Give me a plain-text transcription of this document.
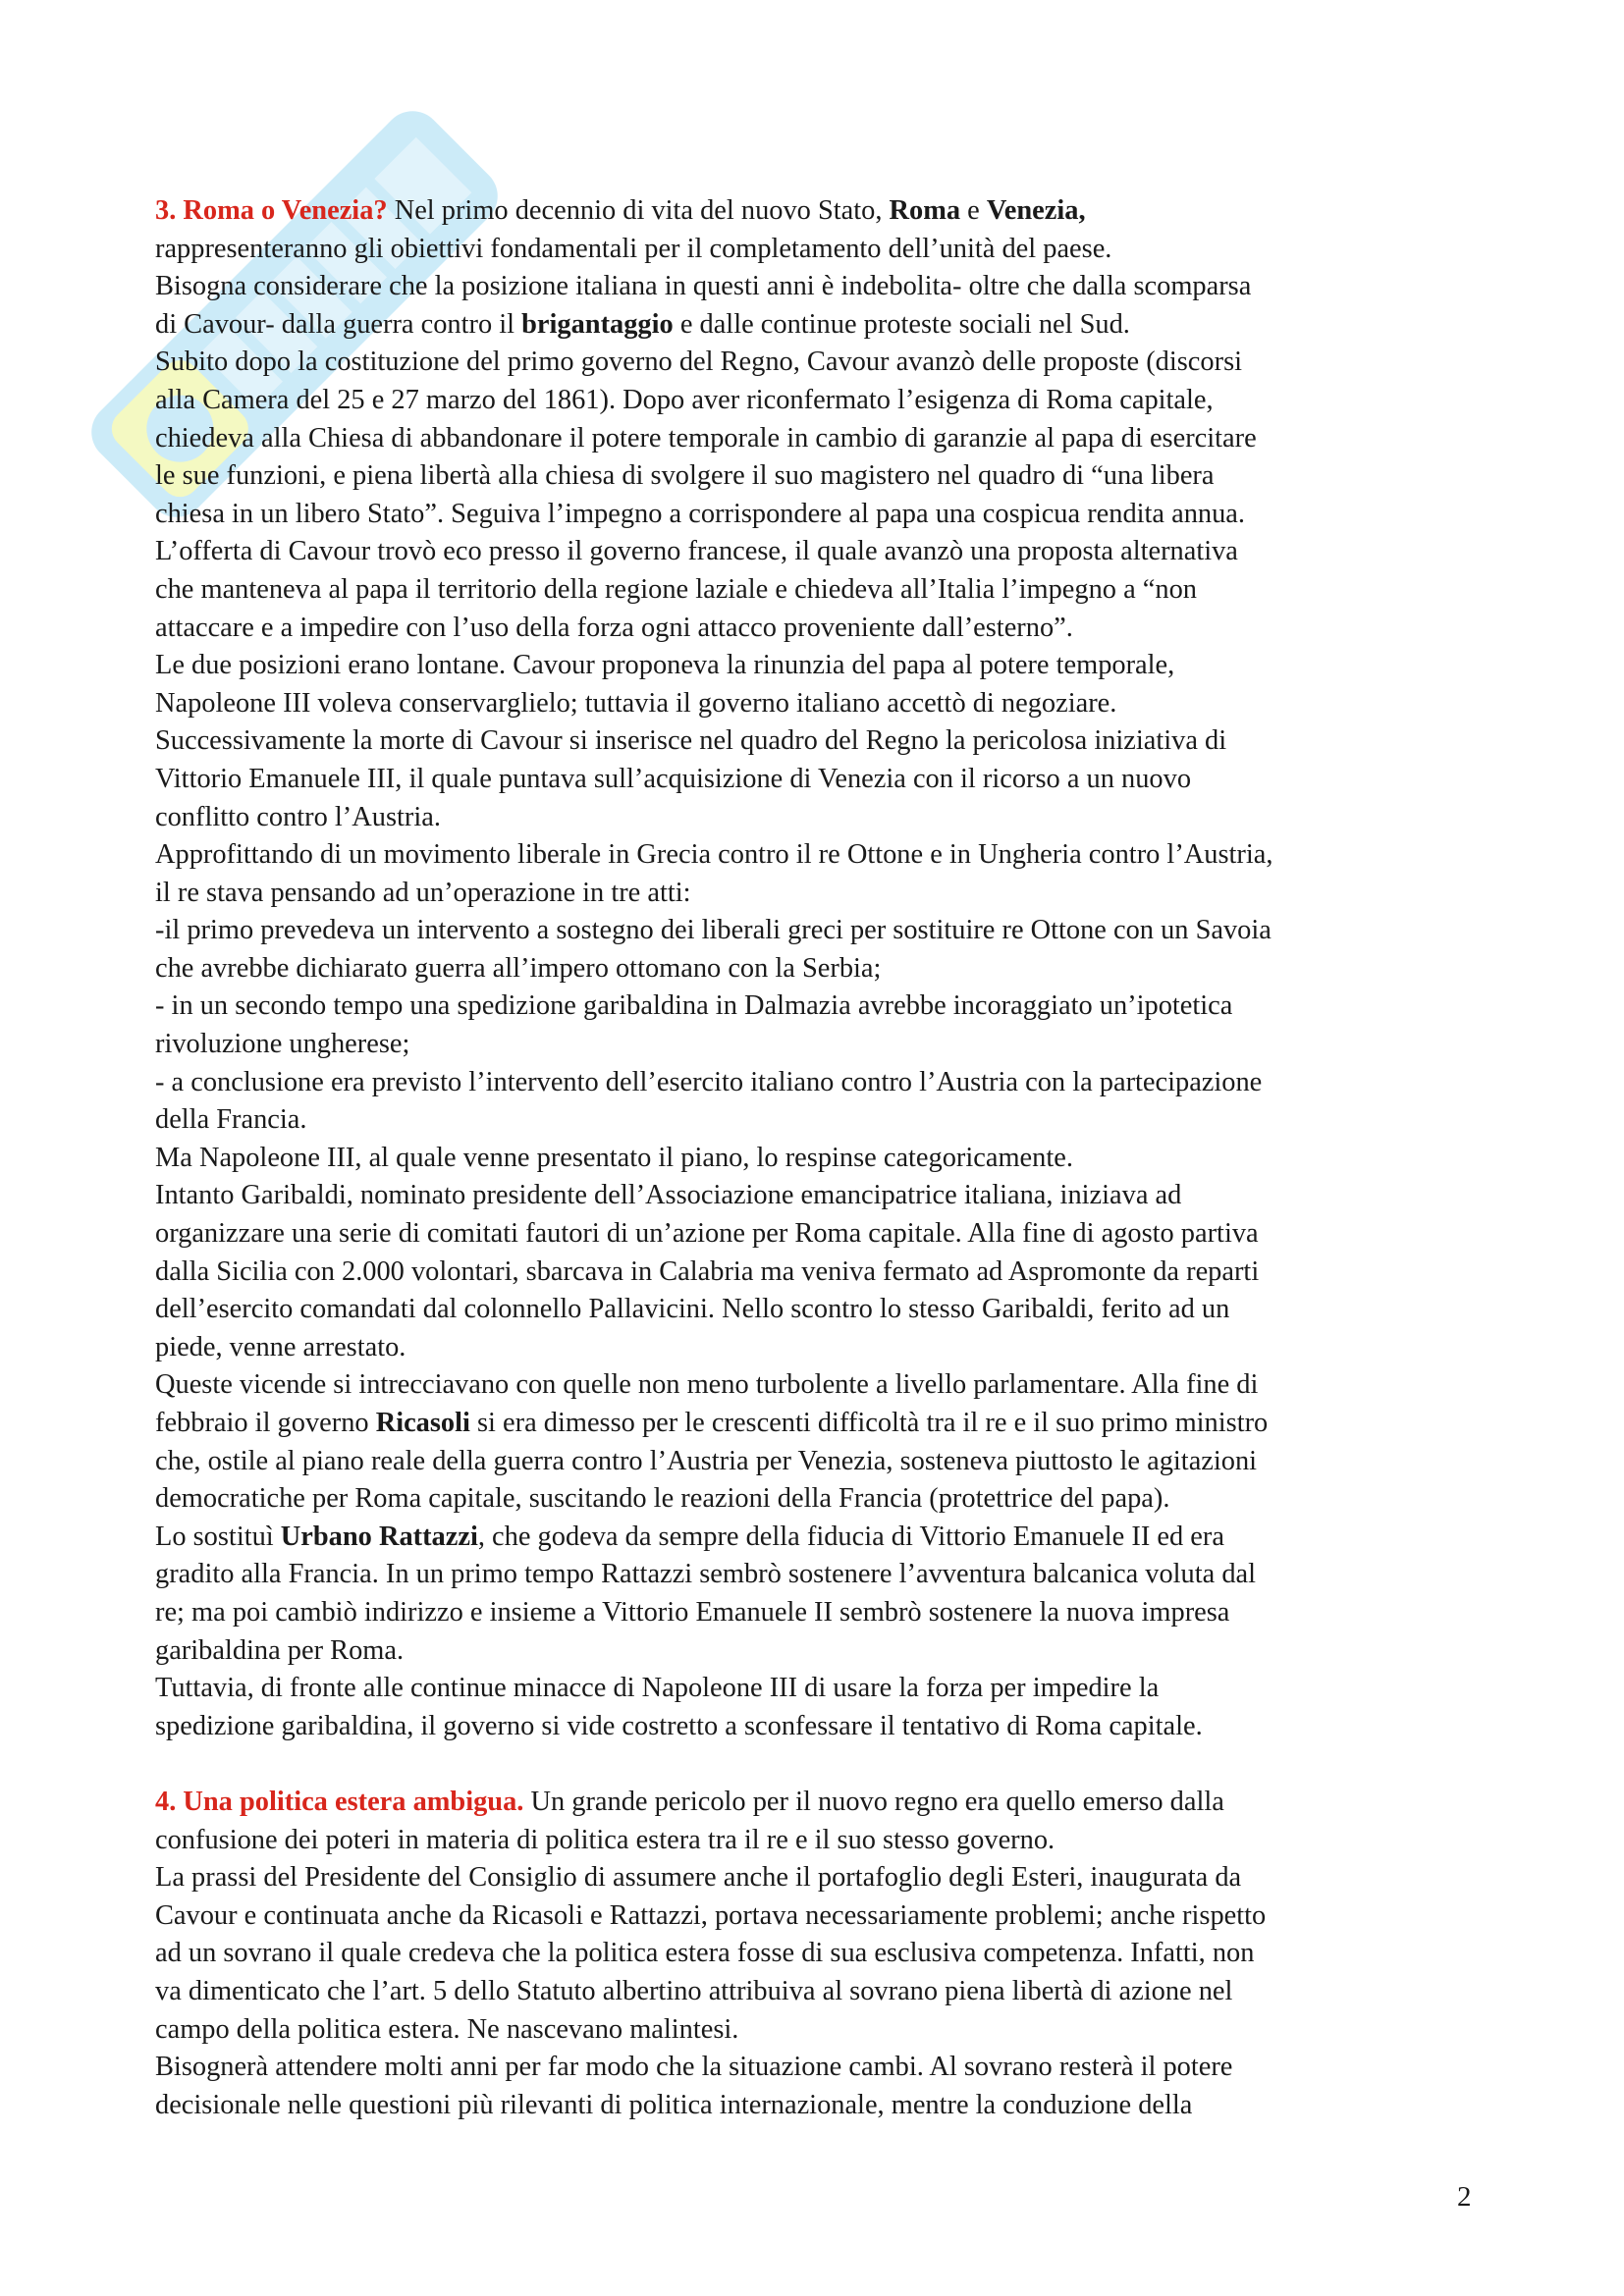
3. Roma o Venezia? Nel primo decennio di vita del nuovo Stato, Roma e Venezia,
rappresenteranno gli obiettivi fondamentali per il completamento dell’unità del paese.
Bisogna considerare che la posizione italiana in questi anni è indebolita- oltre che dalla scomparsa
di Cavour- dalla guerra contro il brigantaggio e dalle continue proteste sociali nel Sud.
Subito dopo la costituzione del primo governo del Regno, Cavour avanzò delle proposte (discorsi
alla Camera del 25 e 27 marzo del 1861). Dopo aver riconfermato l’esigenza di Roma capitale,
chiedeva alla Chiesa di abbandonare il potere temporale in cambio di garanzie al papa di esercitare
le sue funzioni, e piena libertà alla chiesa di svolgere il suo magistero nel quadro di “una libera
chiesa in un libero Stato”. Seguiva l’impegno a corrispondere al papa una cospicua rendita annua.
L’offerta di Cavour trovò eco presso il governo francese, il quale avanzò una proposta alternativa
che manteneva al papa il territorio della regione laziale e chiedeva all’Italia l’impegno a “non
attaccare e a impedire con l’uso della forza ogni attacco proveniente dall’esterno”.
Le due posizioni erano lontane. Cavour proponeva la rinunzia del papa al potere temporale,
Napoleone III voleva conservarglielo; tuttavia il governo italiano accettò di negoziare.
Successivamente la morte di Cavour si inserisce nel quadro del Regno la pericolosa iniziativa di
Vittorio Emanuele III, il quale puntava sull’acquisizione di Venezia con il ricorso a un nuovo
conflitto contro l’Austria.
Approfittando di un movimento liberale in Grecia contro il re Ottone e in Ungheria contro l’Austria,
il re stava pensando ad un’operazione in tre atti:
-il primo prevedeva un intervento a sostegno dei liberali greci per sostituire re Ottone con un Savoia
che avrebbe dichiarato guerra all’impero ottomano con la Serbia;
- in un secondo tempo una spedizione garibaldina in Dalmazia avrebbe incoraggiato un’ipotetica
rivoluzione ungherese;
- a conclusione era previsto l’intervento dell’esercito italiano contro l’Austria con la partecipazione
della Francia.
Ma Napoleone III, al quale venne presentato il piano, lo respinse categoricamente.
Intanto Garibaldi, nominato presidente dell’Associazione emancipatrice italiana, iniziava ad
organizzare una serie di comitati fautori di un’azione per Roma capitale. Alla fine di agosto partiva
dalla Sicilia con 2.000 volontari, sbarcava in Calabria ma veniva fermato ad Aspromonte da reparti
dell’esercito comandati dal colonnello Pallavicini. Nello scontro lo stesso Garibaldi, ferito ad un
piede, venne arrestato.
Queste vicende si intrecciavano con quelle non meno turbolente a livello parlamentare. Alla fine di
febbraio il governo Ricasoli si era dimesso per le crescenti difficoltà tra il re e il suo primo ministro
che, ostile al piano reale della guerra contro l’Austria per Venezia, sosteneva piuttosto le agitazioni
democratiche per Roma capitale, suscitando le reazioni della Francia (protettrice del papa).
Lo sostituì Urbano Rattazzi, che godeva da sempre della fiducia di Vittorio Emanuele II ed era
gradito alla Francia. In un primo tempo Rattazzi sembrò sostenere l’avventura balcanica voluta dal
re; ma poi cambiò indirizzo e insieme a Vittorio Emanuele II sembrò sostenere la nuova impresa
garibaldina per Roma.
Tuttavia, di fronte alle continue minacce di Napoleone III di usare la forza per impedire la
spedizione garibaldina, il governo si vide costretto a sconfessare il tentativo di Roma capitale.

4. Una politica estera ambigua. Un grande pericolo per il nuovo regno era quello emerso dalla
confusione dei poteri in materia di politica estera tra il re e il suo stesso governo.
La prassi del Presidente del Consiglio di assumere anche il portafoglio degli Esteri, inaugurata da
Cavour e continuata anche da Ricasoli e Rattazzi, portava necessariamente problemi; anche rispetto
ad un sovrano il quale credeva che la politica estera fosse di sua esclusiva competenza. Infatti, non
va dimenticato che l’art. 5 dello Statuto albertino attribuiva al sovrano piena libertà di azione nel
campo della politica estera. Ne nascevano malintesi.
Bisognerà attendere molti anni per far modo che la situazione cambi. Al sovrano resterà il potere
decisionale nelle questioni più rilevanti di politica internazionale, mentre la conduzione della

2
